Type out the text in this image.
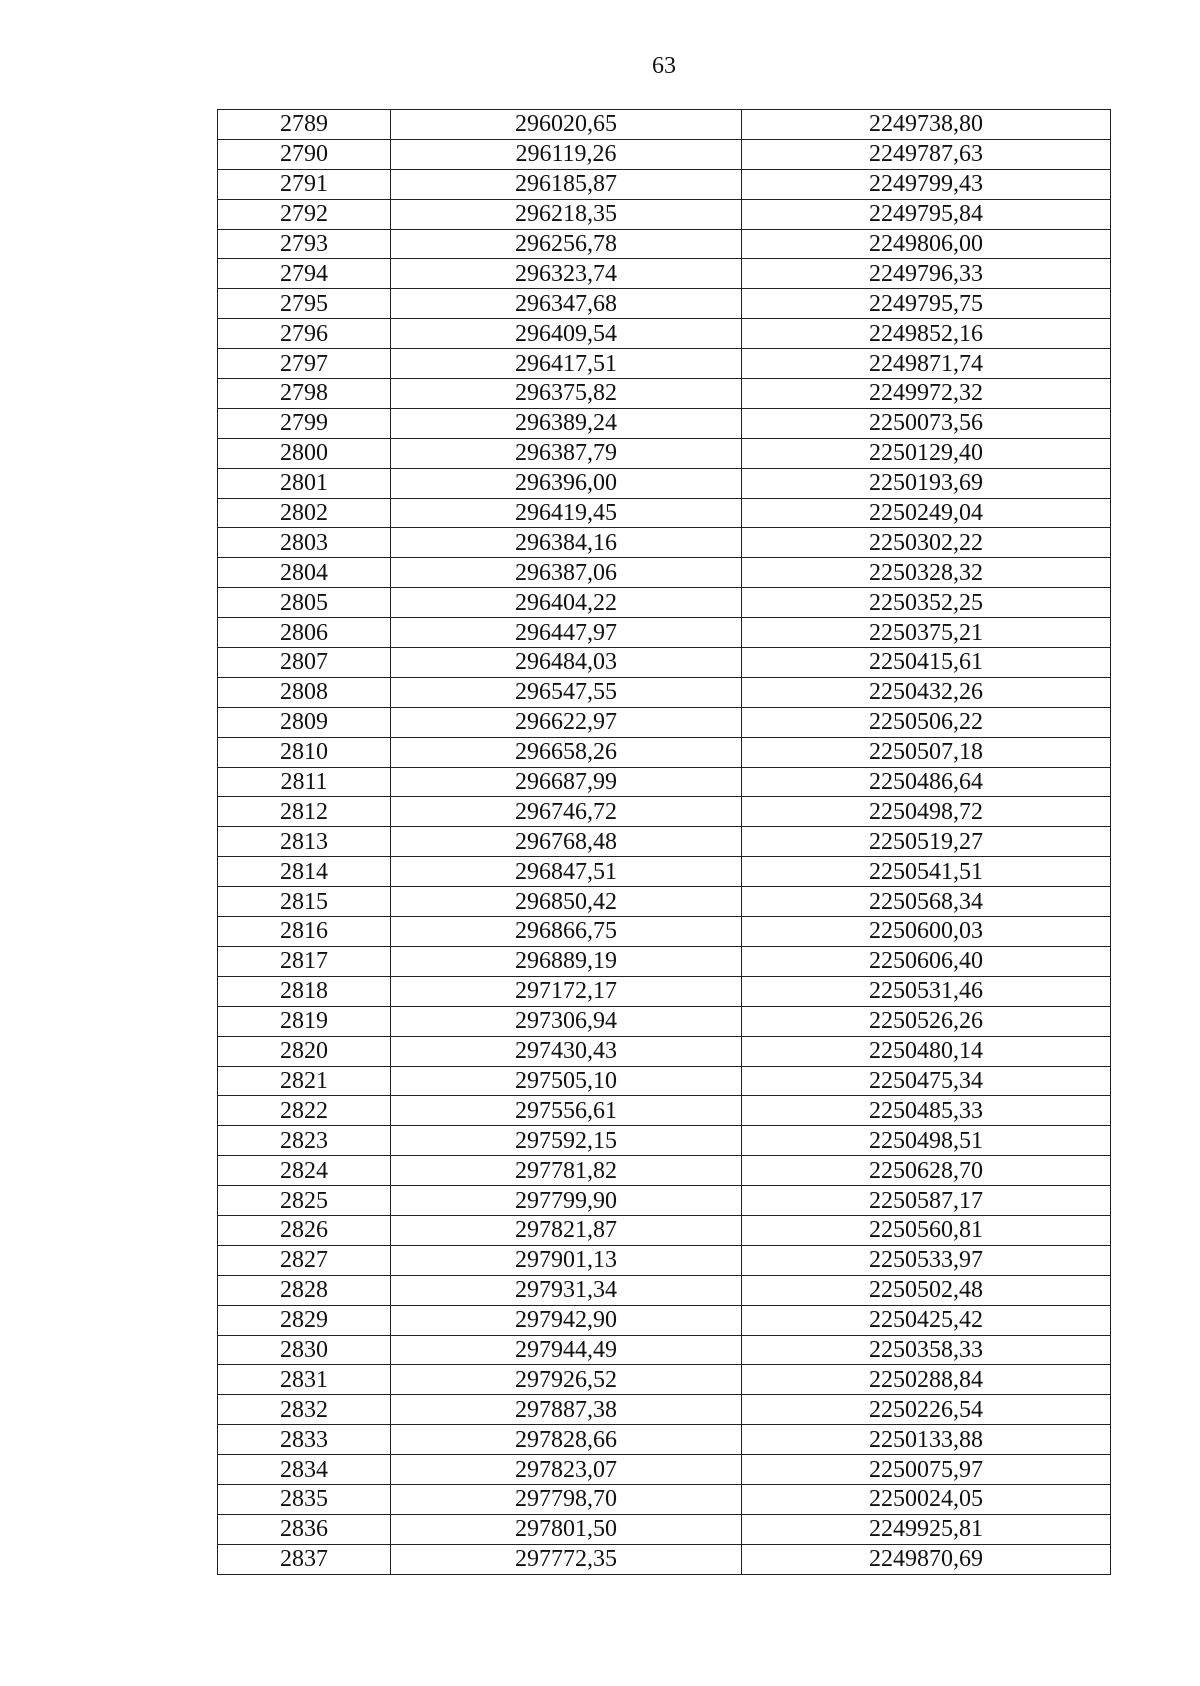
63
2789	296020,65	2249738,80
2790	296119,26	2249787,63
2791	296185,87	2249799,43
2792	296218,35	2249795,84
2793	296256,78	2249806,00
2794	296323,74	2249796,33
2795	296347,68	2249795,75
2796	296409,54	2249852,16
2797	296417,51	2249871,74
2798	296375,82	2249972,32
2799	296389,24	2250073,56
2800	296387,79	2250129,40
2801	296396,00	2250193,69
2802	296419,45	2250249,04
2803	296384,16	2250302,22
2804	296387,06	2250328,32
2805	296404,22	2250352,25
2806	296447,97	2250375,21
2807	296484,03	2250415,61
2808	296547,55	2250432,26
2809	296622,97	2250506,22
2810	296658,26	2250507,18
2811	296687,99	2250486,64
2812	296746,72	2250498,72
2813	296768,48	2250519,27
2814	296847,51	2250541,51
2815	296850,42	2250568,34
2816	296866,75	2250600,03
2817	296889,19	2250606,40
2818	297172,17	2250531,46
2819	297306,94	2250526,26
2820	297430,43	2250480,14
2821	297505,10	2250475,34
2822	297556,61	2250485,33
2823	297592,15	2250498,51
2824	297781,82	2250628,70
2825	297799,90	2250587,17
2826	297821,87	2250560,81
2827	297901,13	2250533,97
2828	297931,34	2250502,48
2829	297942,90	2250425,42
2830	297944,49	2250358,33
2831	297926,52	2250288,84
2832	297887,38	2250226,54
2833	297828,66	2250133,88
2834	297823,07	2250075,97
2835	297798,70	2250024,05
2836	297801,50	2249925,81
2837	297772,35	2249870,69
